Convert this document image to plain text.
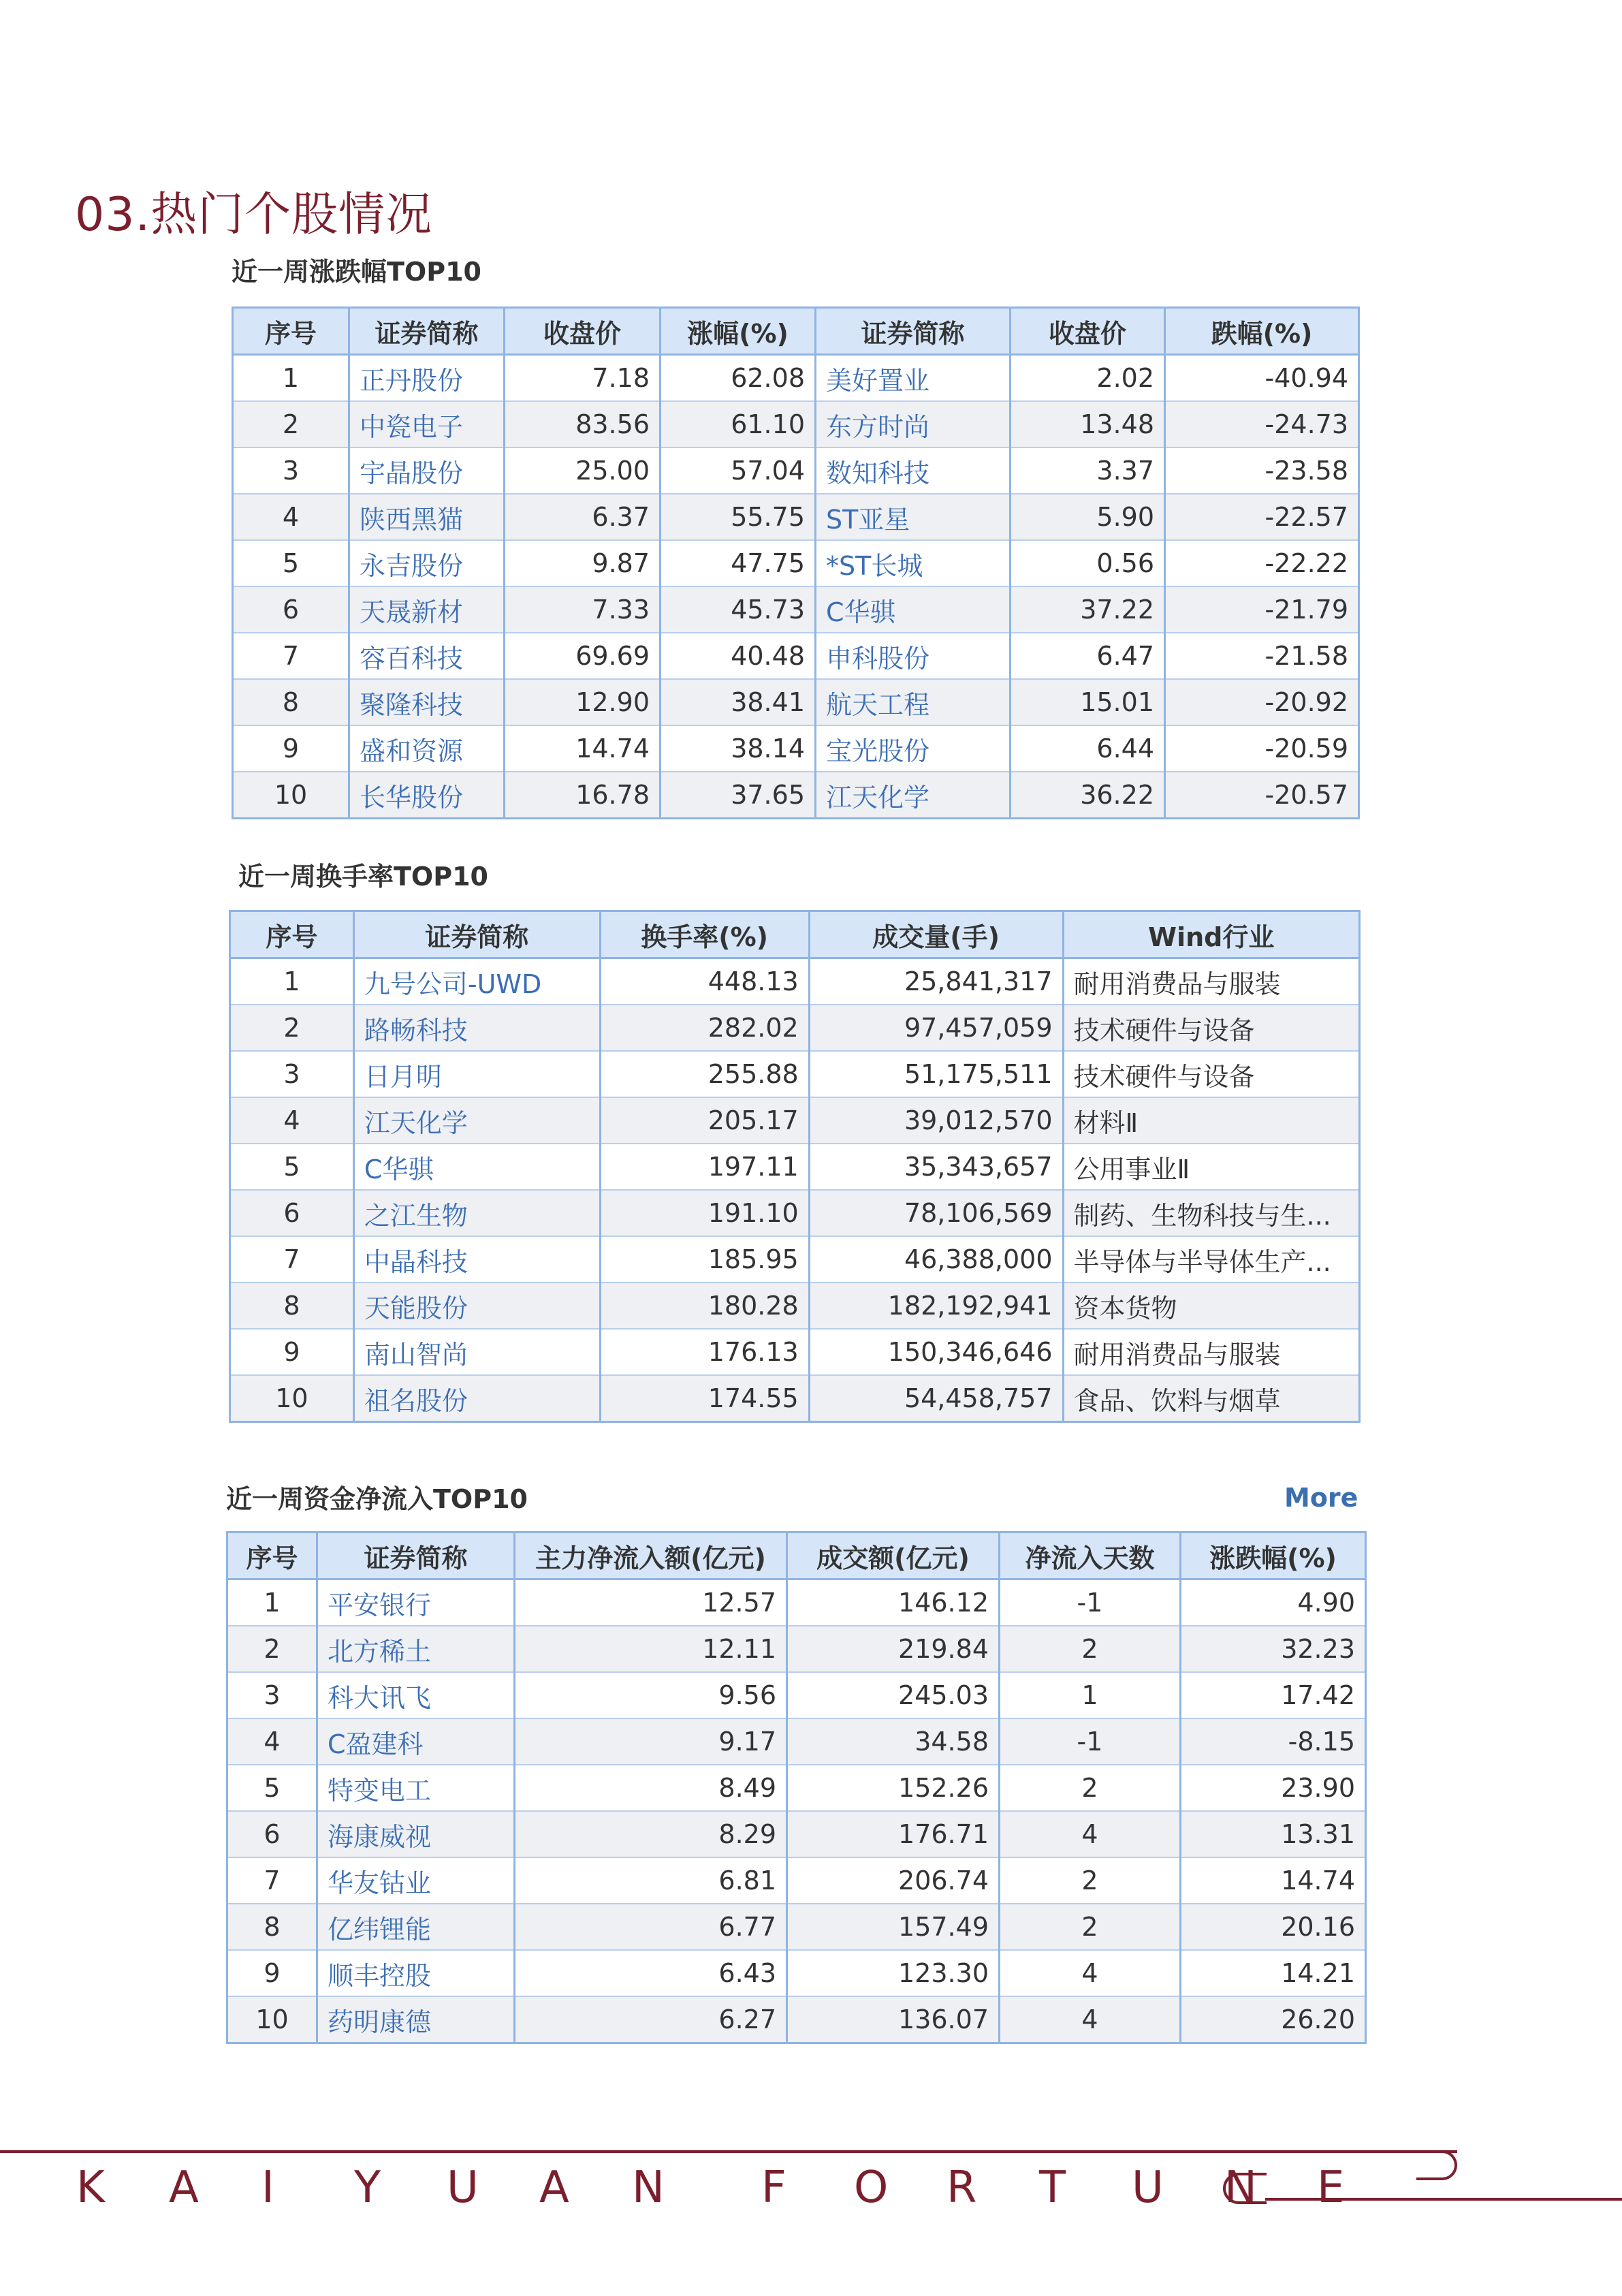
03.热门个股情况
近一周涨跌幅TOP10
序号	证券简称	收盘价	涨幅(%)	证券简称	收盘价	跌幅(%)
1	正丹股份	7.18	62.08	美好置业	2.02	-40.94
2	中瓷电子	83.56	61.10	东方时尚	13.48	-24.73
3	宇晶股份	25.00	57.04	数知科技	3.37	-23.58
4	陕西黑猫	6.37	55.75	ST亚星	5.90	-22.57
5	永吉股份	9.87	47.75	*ST长城	0.56	-22.22
6	天晟新材	7.33	45.73	C华骐	37.22	-21.79
7	容百科技	69.69	40.48	申科股份	6.47	-21.58
8	聚隆科技	12.90	38.41	航天工程	15.01	-20.92
9	盛和资源	14.74	38.14	宝光股份	6.44	-20.59
10	长华股份	16.78	37.65	江天化学	36.22	-20.57
近一周换手率TOP10
序号	证券简称	换手率(%)	成交量(手)	Wind行业
1	九号公司-UWD	448.13	25,841,317	耐用消费品与服装
2	路畅科技	282.02	97,457,059	技术硬件与设备
3	日月明	255.88	51,175,511	技术硬件与设备
4	江天化学	205.17	39,012,570	材料Ⅱ
5	C华骐	197.11	35,343,657	公用事业Ⅱ
6	之江生物	191.10	78,106,569	制药、生物科技与生...
7	中晶科技	185.95	46,388,000	半导体与半导体生产...
8	天能股份	180.28	182,192,941	资本货物
9	南山智尚	176.13	150,346,646	耐用消费品与服装
10	祖名股份	174.55	54,458,757	食品、饮料与烟草
近一周资金净流入TOP10	More
序号	证券简称	主力净流入额(亿元)	成交额(亿元)	净流入天数	涨跌幅(%)
1	平安银行	12.57	146.12	-1	4.90
2	北方稀土	12.11	219.84	2	32.23
3	科大讯飞	9.56	245.03	1	17.42
4	C盈建科	9.17	34.58	-1	-8.15
5	特变电工	8.49	152.26	2	23.90
6	海康威视	8.29	176.71	4	13.31
7	华友钴业	6.81	206.74	2	14.74
8	亿纬锂能	6.77	157.49	2	20.16
9	顺丰控股	6.43	123.30	4	14.21
10	药明康德	6.27	136.07	4	26.20
K A I Y U A N F O R T U N E
